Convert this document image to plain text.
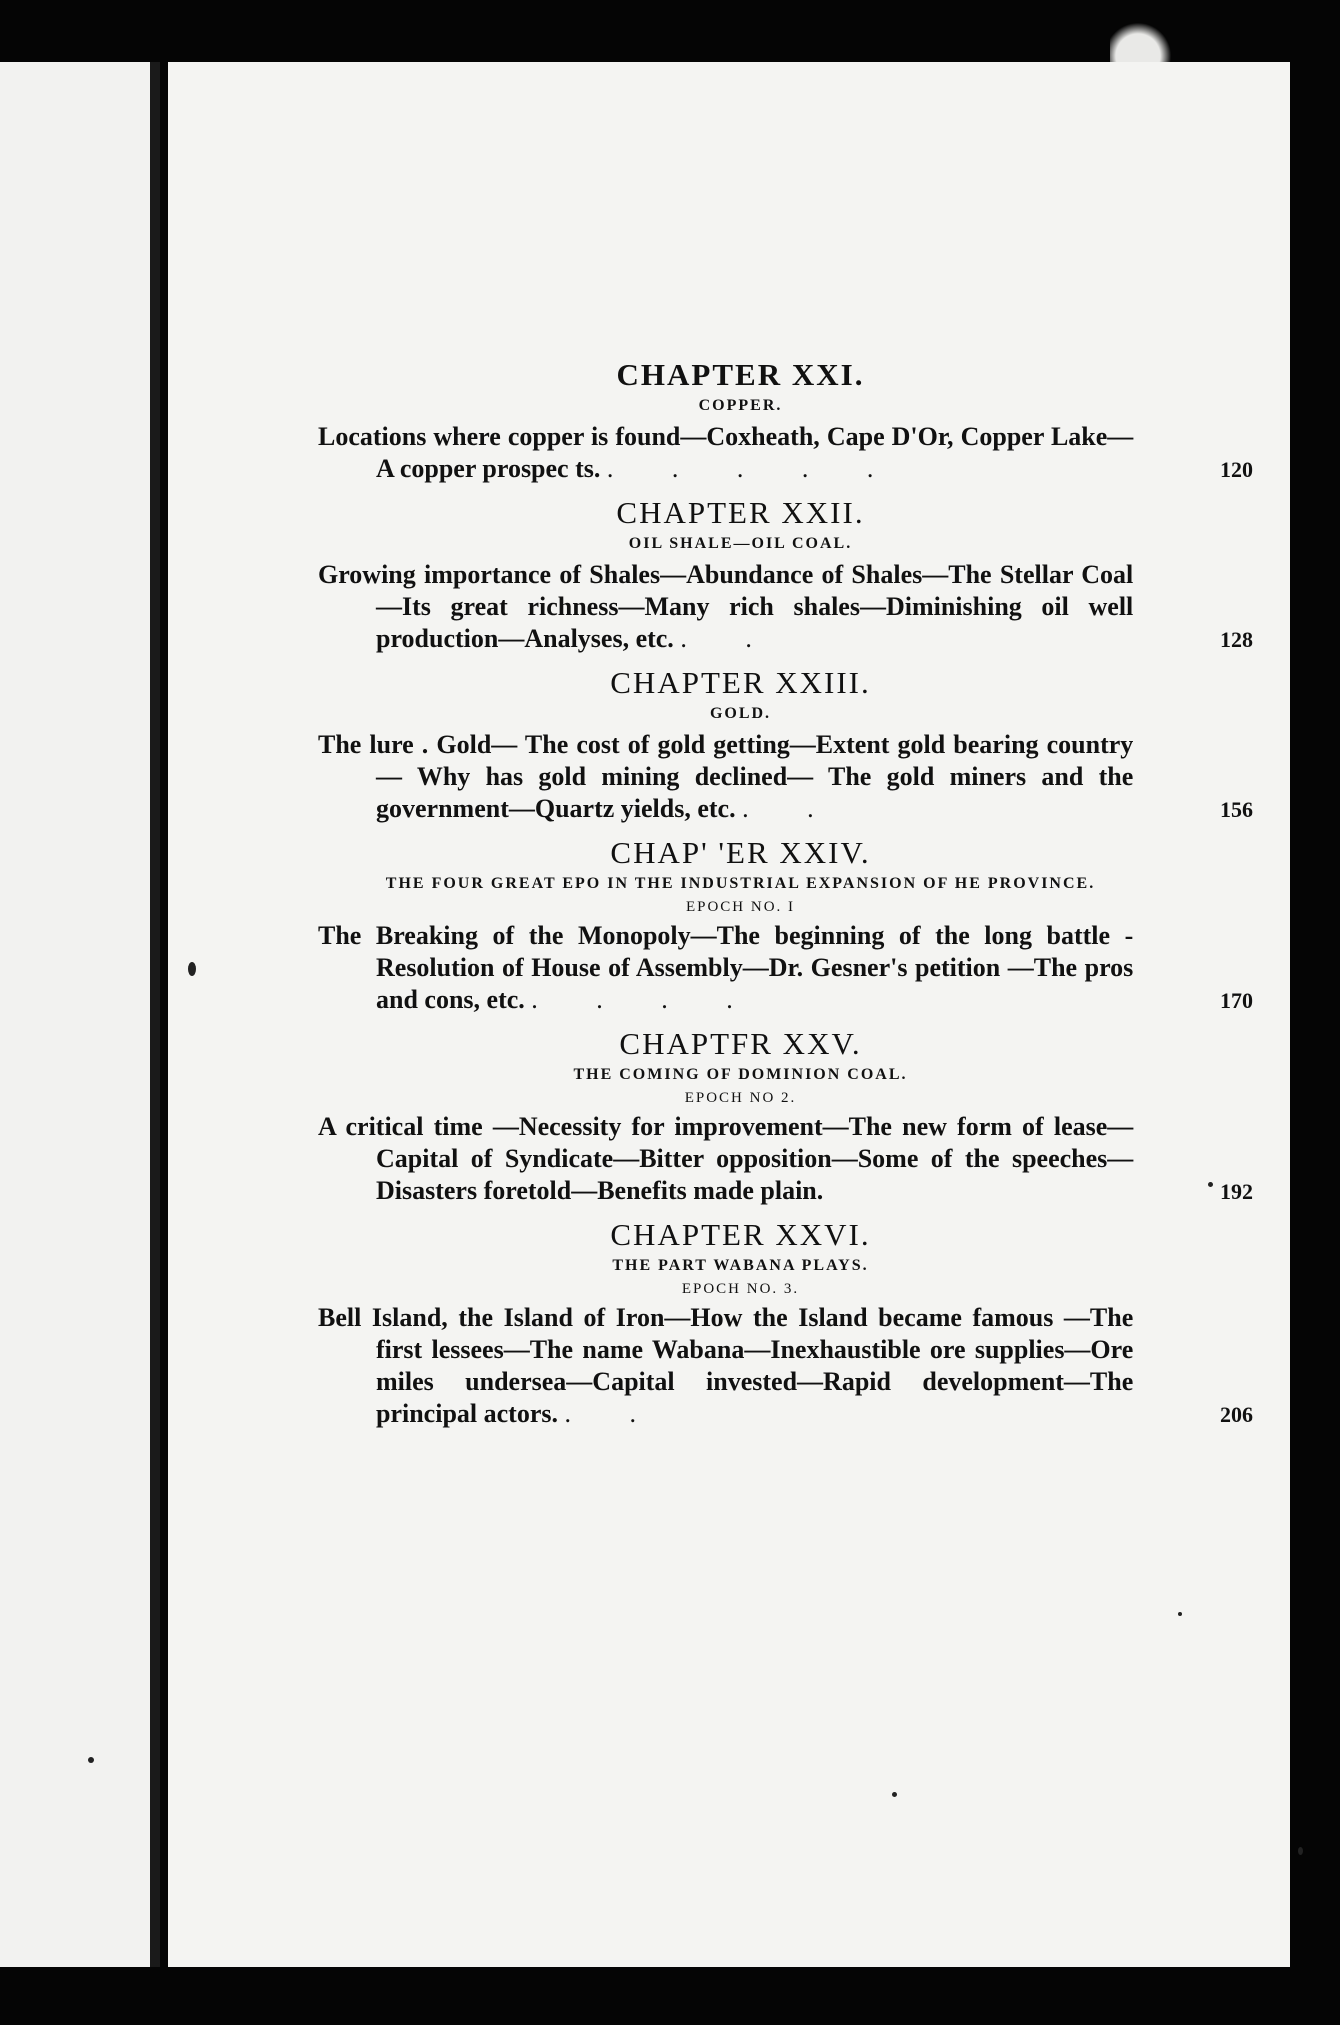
CHAPTER XXI.
COPPER.
Locations where copper is found—Coxheath, Cape D'Or, Copper Lake—A copper prospec ts. . . . . .	120
CHAPTER XXII.
OIL SHALE—OIL COAL.
Growing importance of Shales—Abundance of Shales—The Stellar Coal—Its great richness—Many rich shales—Diminishing oil well production—Analyses, etc. . .	128
CHAPTER XXIII.
GOLD.
The lure . Gold— The cost of gold getting—Extent gold bearing country — Why has gold mining declined— The gold miners and the government—Quartz yields, etc. . .	156
CHAP' 'ER XXIV.
THE FOUR GREAT EPO IN THE INDUSTRIAL EXPANSION OF HE PROVINCE.
EPOCH NO. I
The Breaking of the Monopoly—The beginning of the long battle - Resolution of House of Assembly—Dr. Gesner's petition —The pros and cons, etc. . . . .	170
CHAPTFR XXV.
THE COMING OF DOMINION COAL.
EPOCH NO 2.
A critical time —Necessity for improvement—The new form of lease—Capital of Syndicate—Bitter opposition—Some of the speeches—Disasters foretold—Benefits made plain.	192
CHAPTER XXVI.
THE PART WABANA PLAYS.
EPOCH NO. 3.
Bell Island, the Island of Iron—How the Island became famous —The first lessees—The name Wabana—Inexhaustible ore supplies—Ore miles undersea—Capital invested—Rapid development—The principal actors. . .	206
